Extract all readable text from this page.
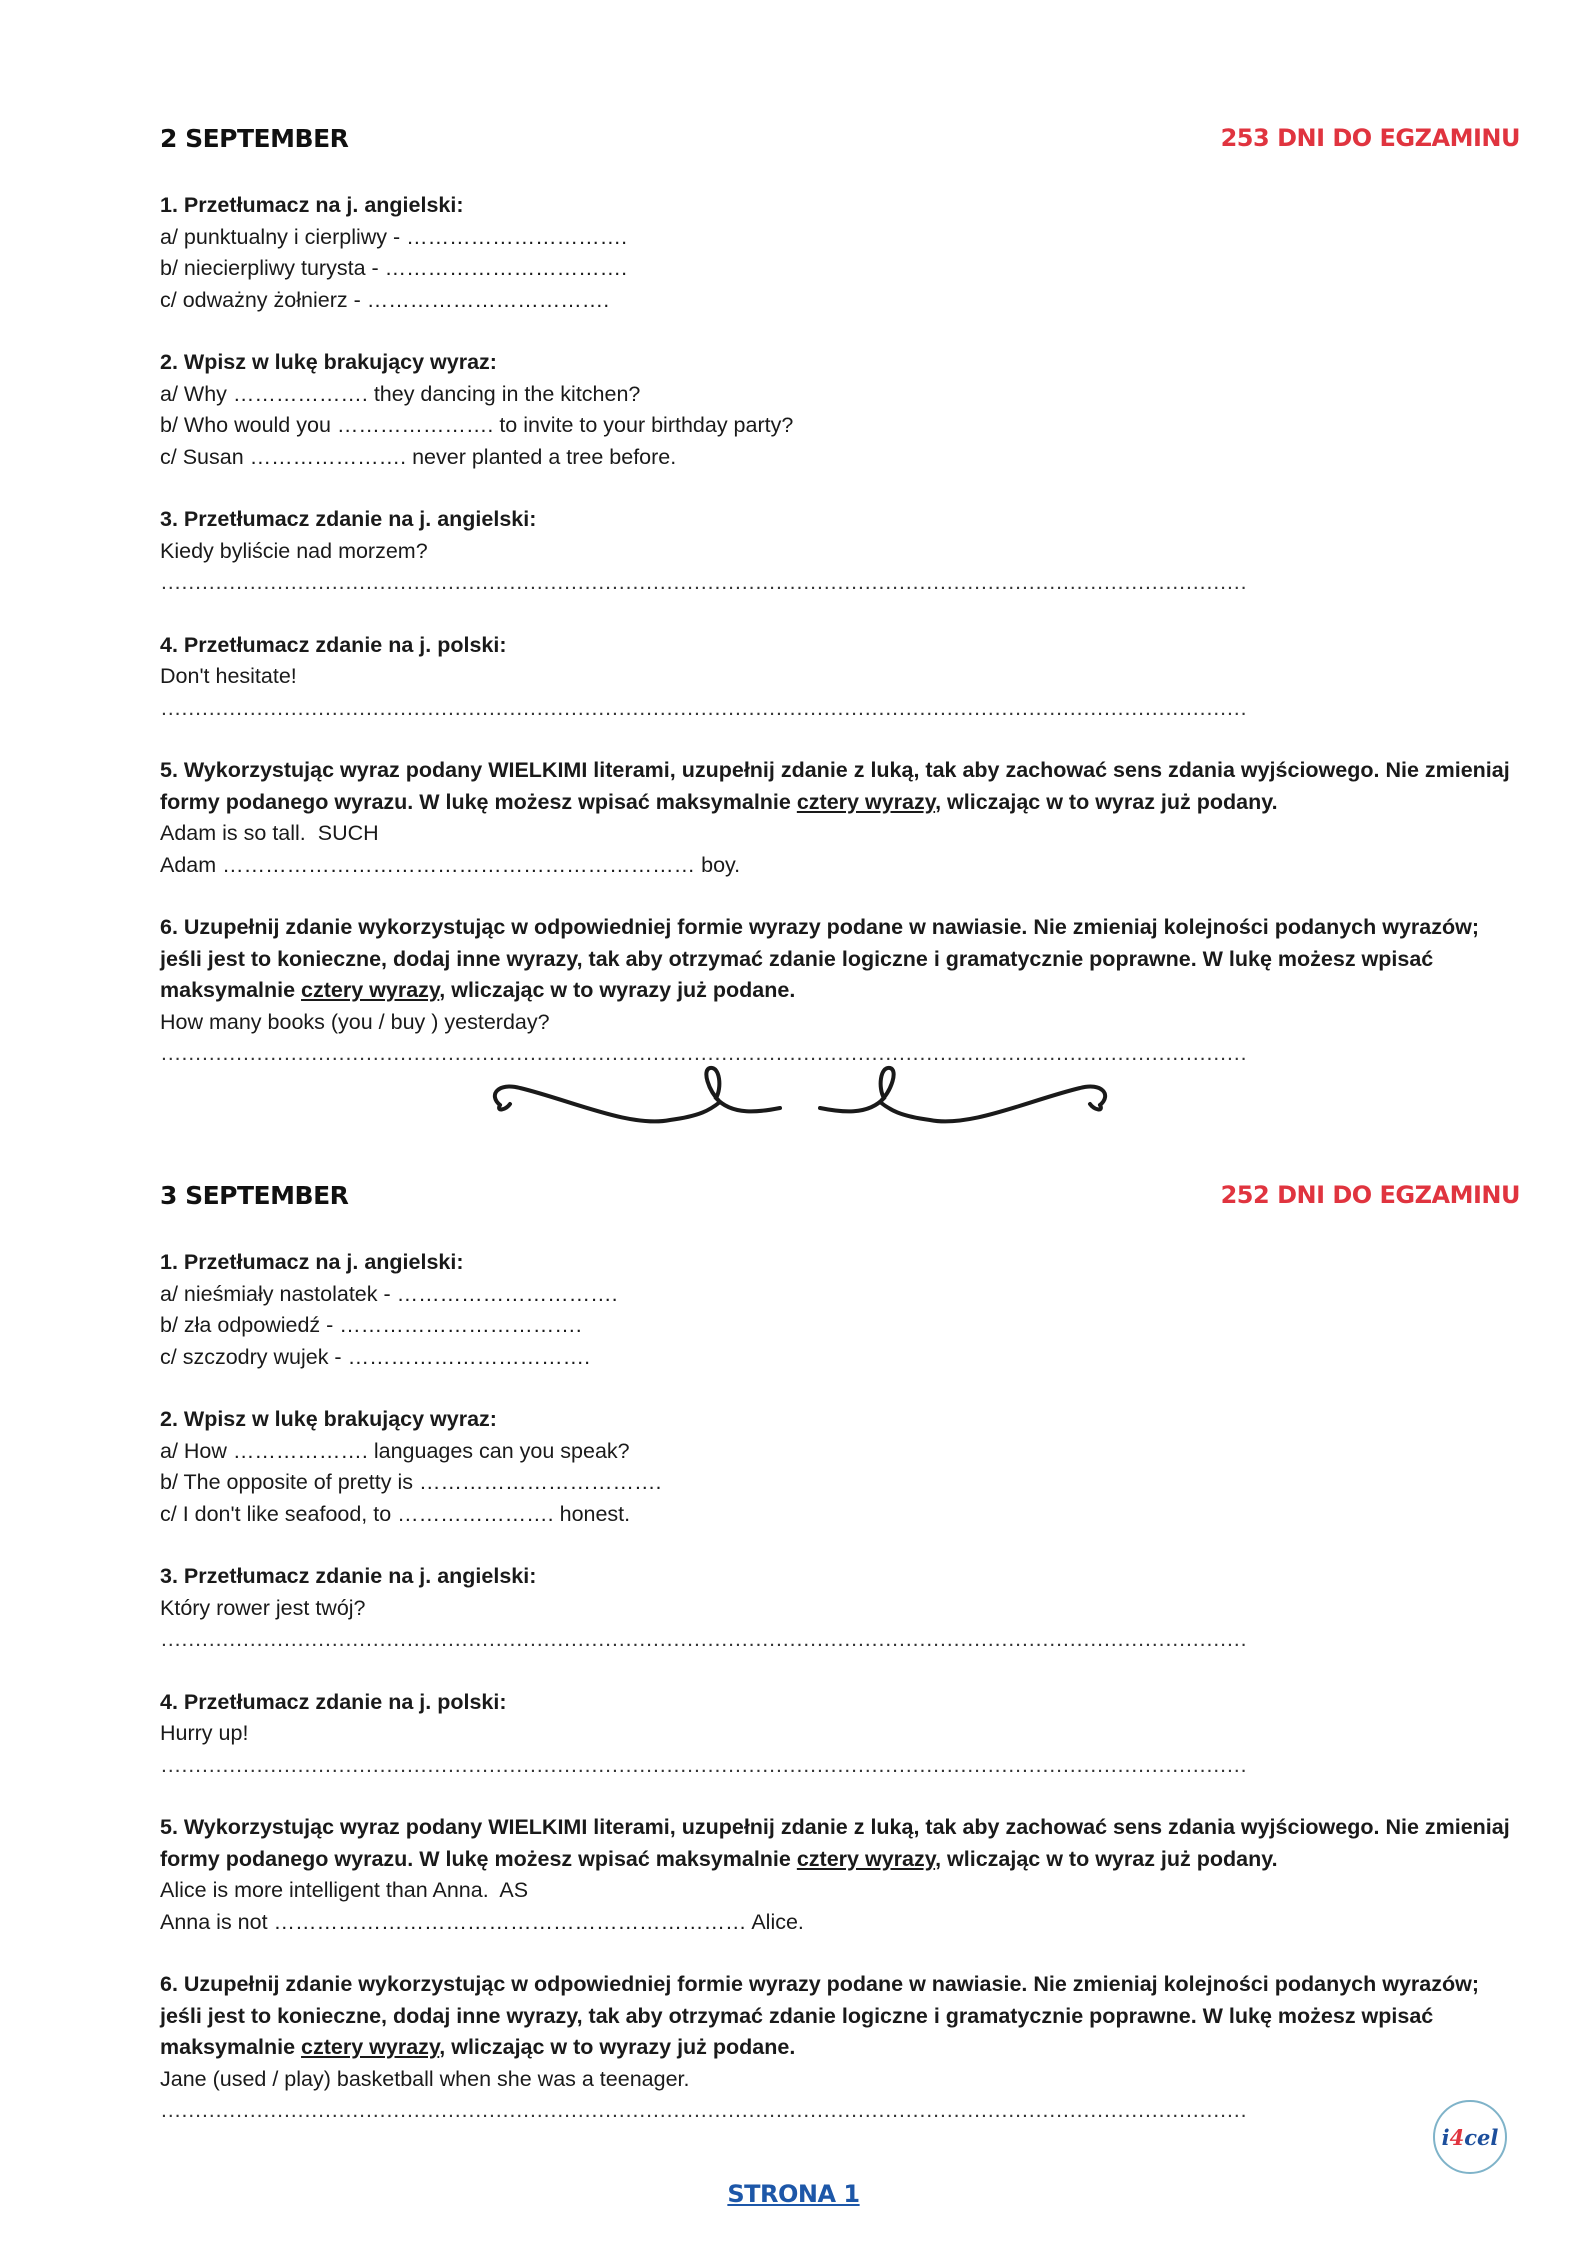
2 SEPTEMBER	253 DNI DO EGZAMINU
1. Przetłumacz na j. angielski:
a/ punktualny i cierpliwy - ………………………….
b/ niecierpliwy turysta - …………………………….
c/ odważny żołnierz - …………………………….
2. Wpisz w lukę brakujący wyraz:
a/ Why ………………. they dancing in the kitchen?
b/ Who would you …………………. to invite to your birthday party?
c/ Susan …………………. never planted a tree before.
3. Przetłumacz zdanie na j. angielski:
Kiedy byliście nad morzem?
……………………………………………………………………………………………………………………………………………
4. Przetłumacz zdanie na j. polski:
Don't hesitate!
……………………………………………………………………………………………………………………………………………
5. Wykorzystując wyraz podany WIELKIMI literami, uzupełnij zdanie z luką, tak aby zachować sens zdania wyjściowego. Nie zmieniaj
formy podanego wyrazu. W lukę możesz wpisać maksymalnie cztery wyrazy, wliczając w to wyraz już podany.
Adam is so tall.  SUCH
Adam ………………………………………………………… boy.
6. Uzupełnij zdanie wykorzystując w odpowiedniej formie wyrazy podane w nawiasie. Nie zmieniaj kolejności podanych wyrazów;
jeśli jest to konieczne, dodaj inne wyrazy, tak aby otrzymać zdanie logiczne i gramatycznie poprawne. W lukę możesz wpisać
maksymalnie cztery wyrazy, wliczając w to wyrazy już podane.
How many books (you / buy ) yesterday?
……………………………………………………………………………………………………………………………………………
3 SEPTEMBER	252 DNI DO EGZAMINU
1. Przetłumacz na j. angielski:
a/ nieśmiały nastolatek - ………………………….
b/ zła odpowiedź - …………………………….
c/ szczodry wujek - …………………………….
2. Wpisz w lukę brakujący wyraz:
a/ How ………………. languages can you speak?
b/ The opposite of pretty is …………………………….
c/ I don't like seafood, to …………………. honest.
3. Przetłumacz zdanie na j. angielski:
Który rower jest twój?
……………………………………………………………………………………………………………………………………………
4. Przetłumacz zdanie na j. polski:
Hurry up!
……………………………………………………………………………………………………………………………………………
5. Wykorzystując wyraz podany WIELKIMI literami, uzupełnij zdanie z luką, tak aby zachować sens zdania wyjściowego. Nie zmieniaj
formy podanego wyrazu. W lukę możesz wpisać maksymalnie cztery wyrazy, wliczając w to wyraz już podany.
Alice is more intelligent than Anna.  AS
Anna is not ………………………………………………………… Alice.
6. Uzupełnij zdanie wykorzystując w odpowiedniej formie wyrazy podane w nawiasie. Nie zmieniaj kolejności podanych wyrazów;
jeśli jest to konieczne, dodaj inne wyrazy, tak aby otrzymać zdanie logiczne i gramatycznie poprawne. W lukę możesz wpisać
maksymalnie cztery wyrazy, wliczając w to wyrazy już podane.
Jane (used / play) basketball when she was a teenager.
……………………………………………………………………………………………………………………………………………
i 4 cel
STRONA 1
